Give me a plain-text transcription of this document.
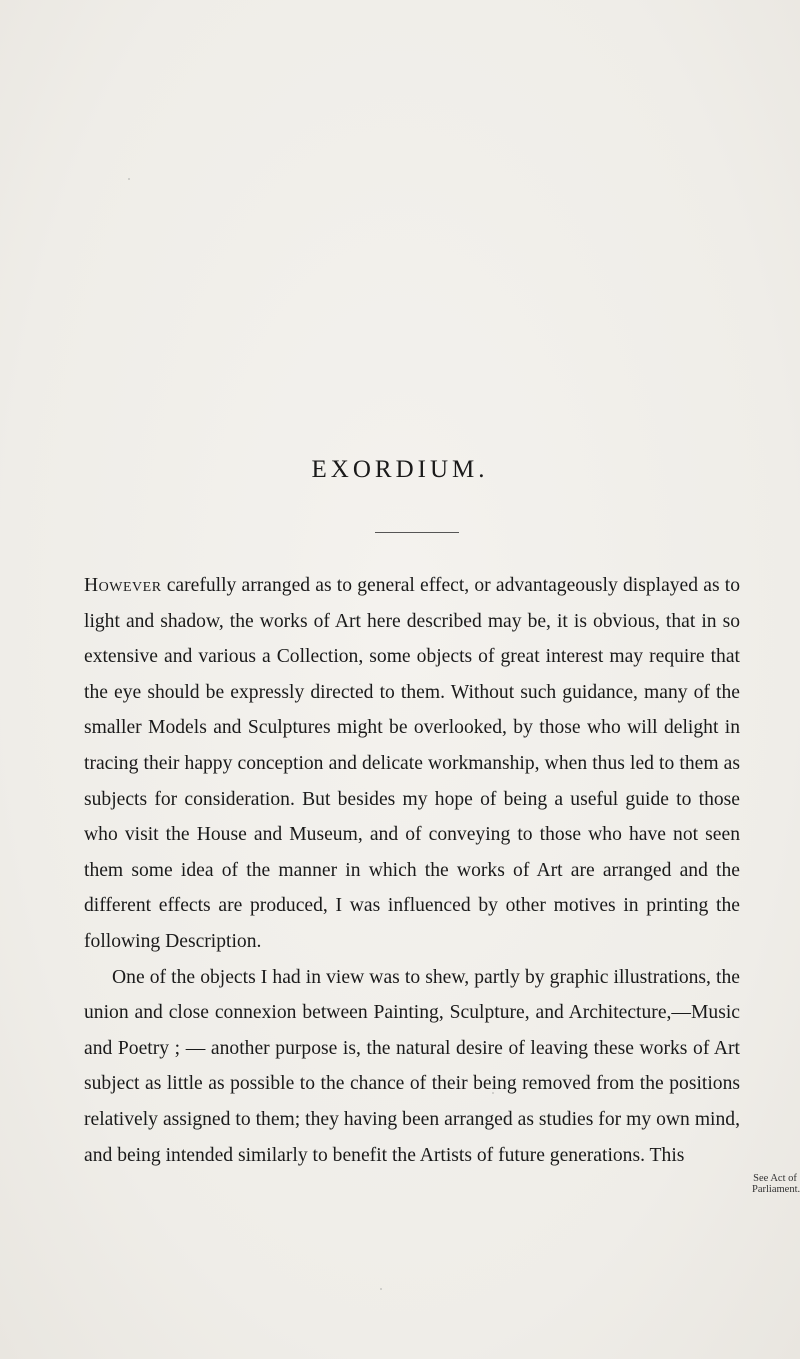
EXORDIUM.

However carefully arranged as to general effect, or advantageously displayed as to light and shadow, the works of Art here described may be, it is obvious, that in so extensive and various a Collection, some objects of great interest may require that the eye should be expressly directed to them. Without such guidance, many of the smaller Models and Sculptures might be overlooked, by those who will delight in tracing their happy conception and delicate workmanship, when thus led to them as subjects for consideration. But besides my hope of being a useful guide to those who visit the House and Museum, and of conveying to those who have not seen them some idea of the manner in which the works of Art are arranged and the different effects are produced, I was influenced by other motives in printing the following Description.

One of the objects I had in view was to shew, partly by graphic illustrations, the union and close connexion between Painting, Sculpture, and Architecture,—Music and Poetry ; — another purpose is, the natural desire of leaving these works of Art subject as little as possible to the chance of their being removed from the positions relatively assigned to them; they having been arranged as studies for my own mind, and being intended similarly to benefit the Artists of future generations. This

See Act of
Parliament.
